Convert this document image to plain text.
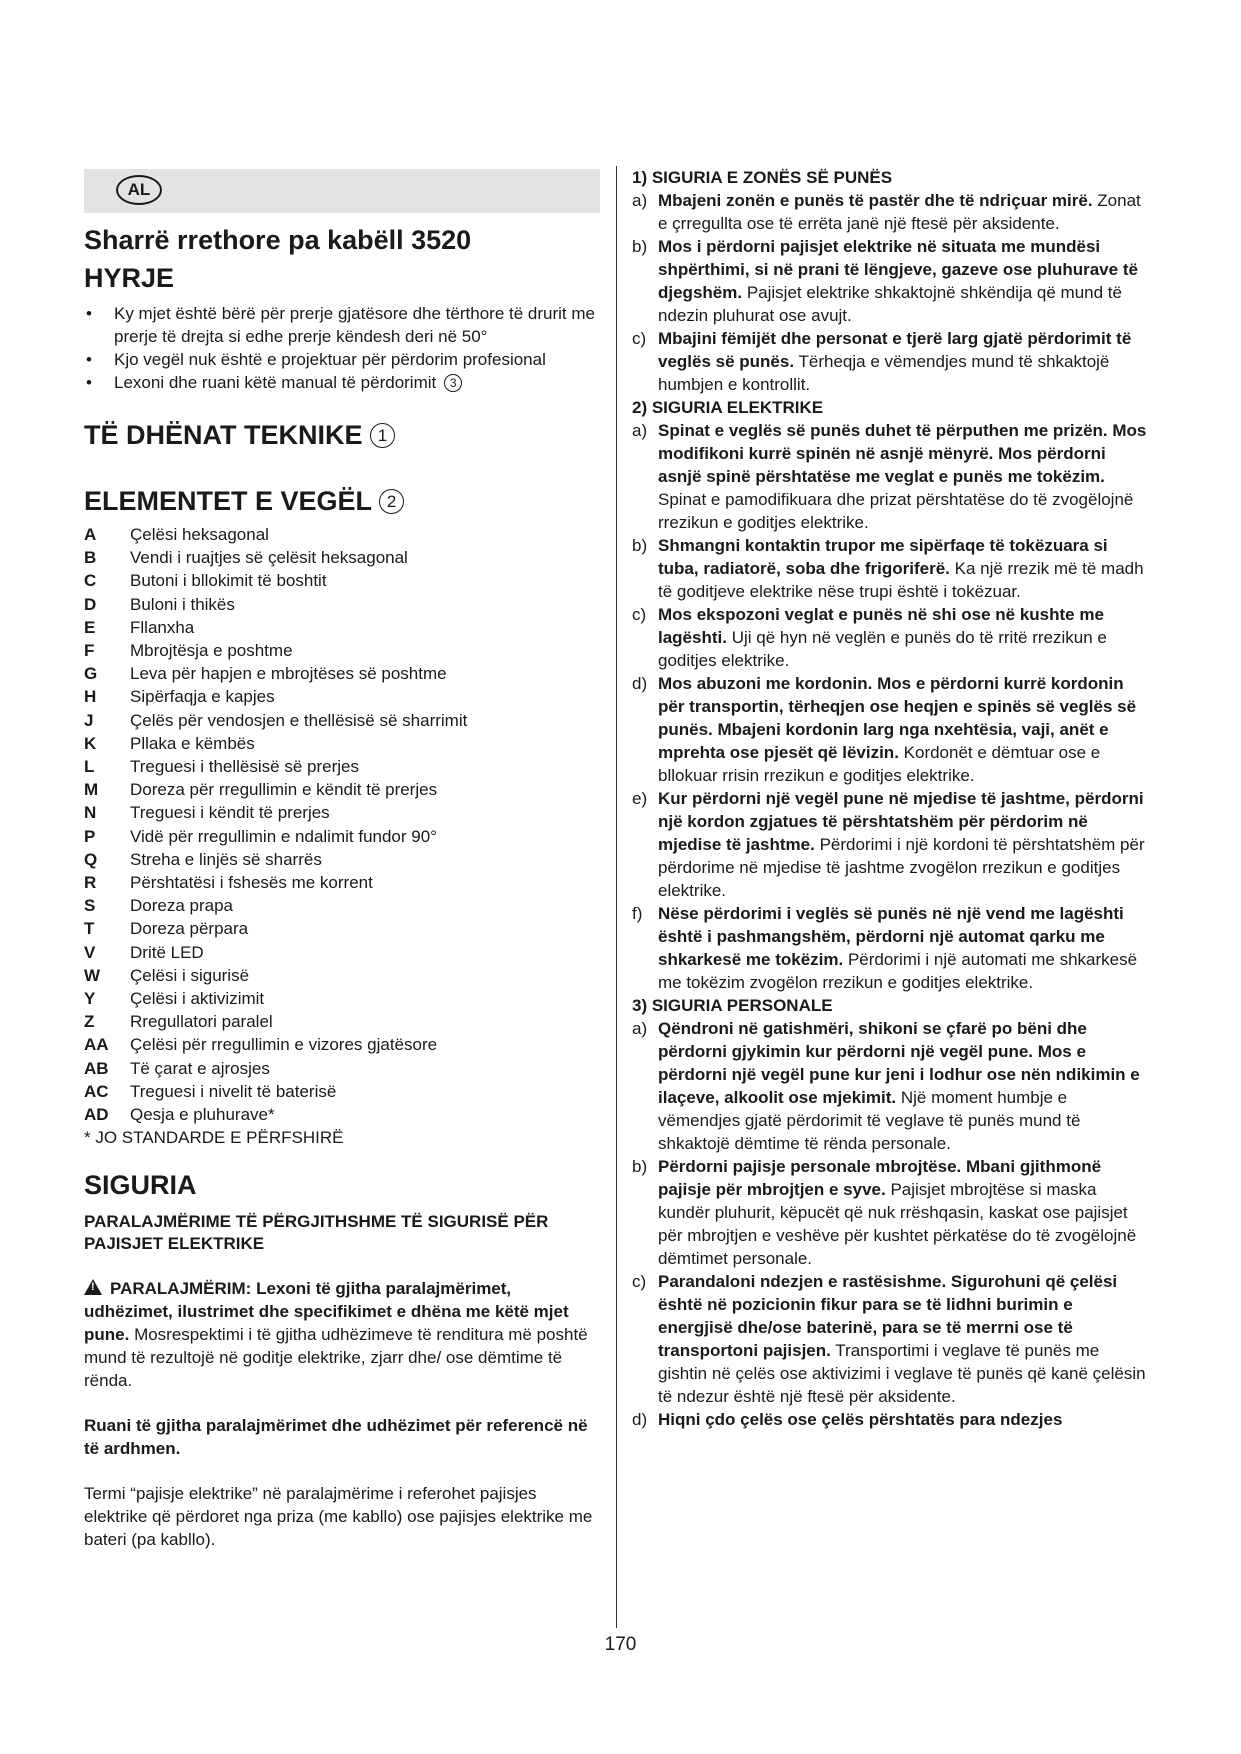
AL
Sharrë rrethore pa kabëll 3520
HYRJE
• Ky mjet është bërë për prerje gjatësore dhe tërthore të drurit me prerje të drejta si edhe prerje këndesh deri në 50°
• Kjo vegël nuk është e projektuar për përdorim profesional
• Lexoni dhe ruani këtë manual të përdorimit 3
TË DHËNAT TEKNIKE 1
ELEMENTET E VEGËL 2
A	Çelësi heksagonal
B	Vendi i ruajtjes së çelësit heksagonal
C	Butoni i bllokimit të boshtit
D	Buloni i thikës
E	Fllanxha
F	Mbrojtësja e poshtme
G	Leva për hapjen e mbrojtëses së poshtme
H	Sipërfaqja e kapjes
J	Çelës për vendosjen e thellësisë së sharrimit
K	Pllaka e këmbës
L	Treguesi i thellësisë së prerjes
M	Doreza për rregullimin e këndit të prerjes
N	Treguesi i këndit të prerjes
P	Vidë për rregullimin e ndalimit fundor 90°
Q	Streha e linjës së sharrës
R	Përshtatësi i fshesës me korrent
S	Doreza prapa
T	Doreza përpara
V	Dritë LED
W	Çelësi i sigurisë
Y	Çelësi i aktivizimit
Z	Rregullatori paralel
AA	Çelësi për rregullimin e vizores gjatësore
AB	Të çarat e ajrosjes
AC	Treguesi i nivelit të baterisë
AD	Qesja e pluhurave*
* JO STANDARDE E PËRFSHIRË
SIGURIA

PARALAJMËRIME TË PËRGJITHSHME TË SIGURISË PËR PAJISJET ELEKTRIKE

!PARALAJMËRIM: Lexoni të gjitha paralajmërimet, udhëzimet, ilustrimet dhe specifikimet e dhëna me këtë mjet pune. Mosrespektimi i të gjitha udhëzimeve të renditura më poshtë mund të rezultojë në goditje elektrike, zjarr dhe/ ose dëmtime të rënda.

Ruani të gjitha paralajmërimet dhe udhëzimet për referencë në të ardhmen.

Termi “pajisje elektrike” në paralajmërime i referohet pajisjes elektrike që përdoret nga priza (me kabllo) ose pajisjes elektrike me bateri (pa kabllo).

1) SIGURIA E ZONËS SË PUNËS
a) Mbajeni zonën e punës të pastër dhe të ndriçuar mirë. Zonat e çrregullta ose të errëta janë një ftesë për aksidente.
b) Mos i përdorni pajisjet elektrike në situata me mundësi shpërthimi, si në prani të lëngjeve, gazeve ose pluhurave të djegshëm. Pajisjet elektrike shkaktojnë shkëndija që mund të ndezin pluhurat ose avujt.
c) Mbajini fëmijët dhe personat e tjerë larg gjatë përdorimit të veglës së punës. Tërheqja e vëmendjes mund të shkaktojë humbjen e kontrollit.
2) SIGURIA ELEKTRIKE
a) Spinat e veglës së punës duhet të përputhen me prizën. Mos modifikoni kurrë spinën në asnjë mënyrë. Mos përdorni asnjë spinë përshtatëse me veglat e punës me tokëzim. Spinat e pamodifikuara dhe prizat përshtatëse do të zvogëlojnë rrezikun e goditjes elektrike.
b) Shmangni kontaktin trupor me sipërfaqe të tokëzuara si tuba, radiatorë, soba dhe frigoriferë. Ka një rrezik më të madh të goditjeve elektrike nëse trupi është i tokëzuar.
c) Mos ekspozoni veglat e punës në shi ose në kushte me lagështi. Uji që hyn në veglën e punës do të rritë rrezikun e goditjes elektrike.
d) Mos abuzoni me kordonin. Mos e përdorni kurrë kordonin për transportin, tërheqjen ose heqjen e spinës së veglës së punës. Mbajeni kordonin larg nga nxehtësia, vaji, anët e mprehta ose pjesët që lëvizin. Kordonët e dëmtuar ose e bllokuar rrisin rrezikun e goditjes elektrike.
e) Kur përdorni një vegël pune në mjedise të jashtme, përdorni një kordon zgjatues të përshtatshëm për përdorim në mjedise të jashtme. Përdorimi i një kordoni të përshtatshëm për përdorime në mjedise të jashtme zvogëlon rrezikun e goditjes elektrike.
f) Nëse përdorimi i veglës së punës në një vend me lagështi është i pashmangshëm, përdorni një automat qarku me shkarkesë me tokëzim. Përdorimi i një automati me shkarkesë me tokëzim zvogëlon rrezikun e goditjes elektrike.
3) SIGURIA PERSONALE
a) Qëndroni në gatishmëri, shikoni se çfarë po bëni dhe përdorni gjykimin kur përdorni një vegël pune. Mos e përdorni një vegël pune kur jeni i lodhur ose nën ndikimin e ilaçeve, alkoolit ose mjekimit. Një moment humbje e vëmendjes gjatë përdorimit të veglave të punës mund të shkaktojë dëmtime të rënda personale.
b) Përdorni pajisje personale mbrojtëse. Mbani gjithmonë pajisje për mbrojtjen e syve. Pajisjet mbrojtëse si maska kundër pluhurit, këpucët që nuk rrëshqasin, kaskat ose pajisjet për mbrojtjen e veshëve për kushtet përkatëse do të zvogëlojnë dëmtimet personale.
c) Parandaloni ndezjen e rastësishme. Sigurohuni që çelësi është në pozicionin fikur para se të lidhni burimin e energjisë dhe/ose baterinë, para se të merrni ose të transportoni pajisjen. Transportimi i veglave të punës me gishtin në çelës ose aktivizimi i veglave të punës që kanë çelësin të ndezur është një ftesë për aksidente.
d) Hiqni çdo çelës ose çelës përshtatës para ndezjes
170
